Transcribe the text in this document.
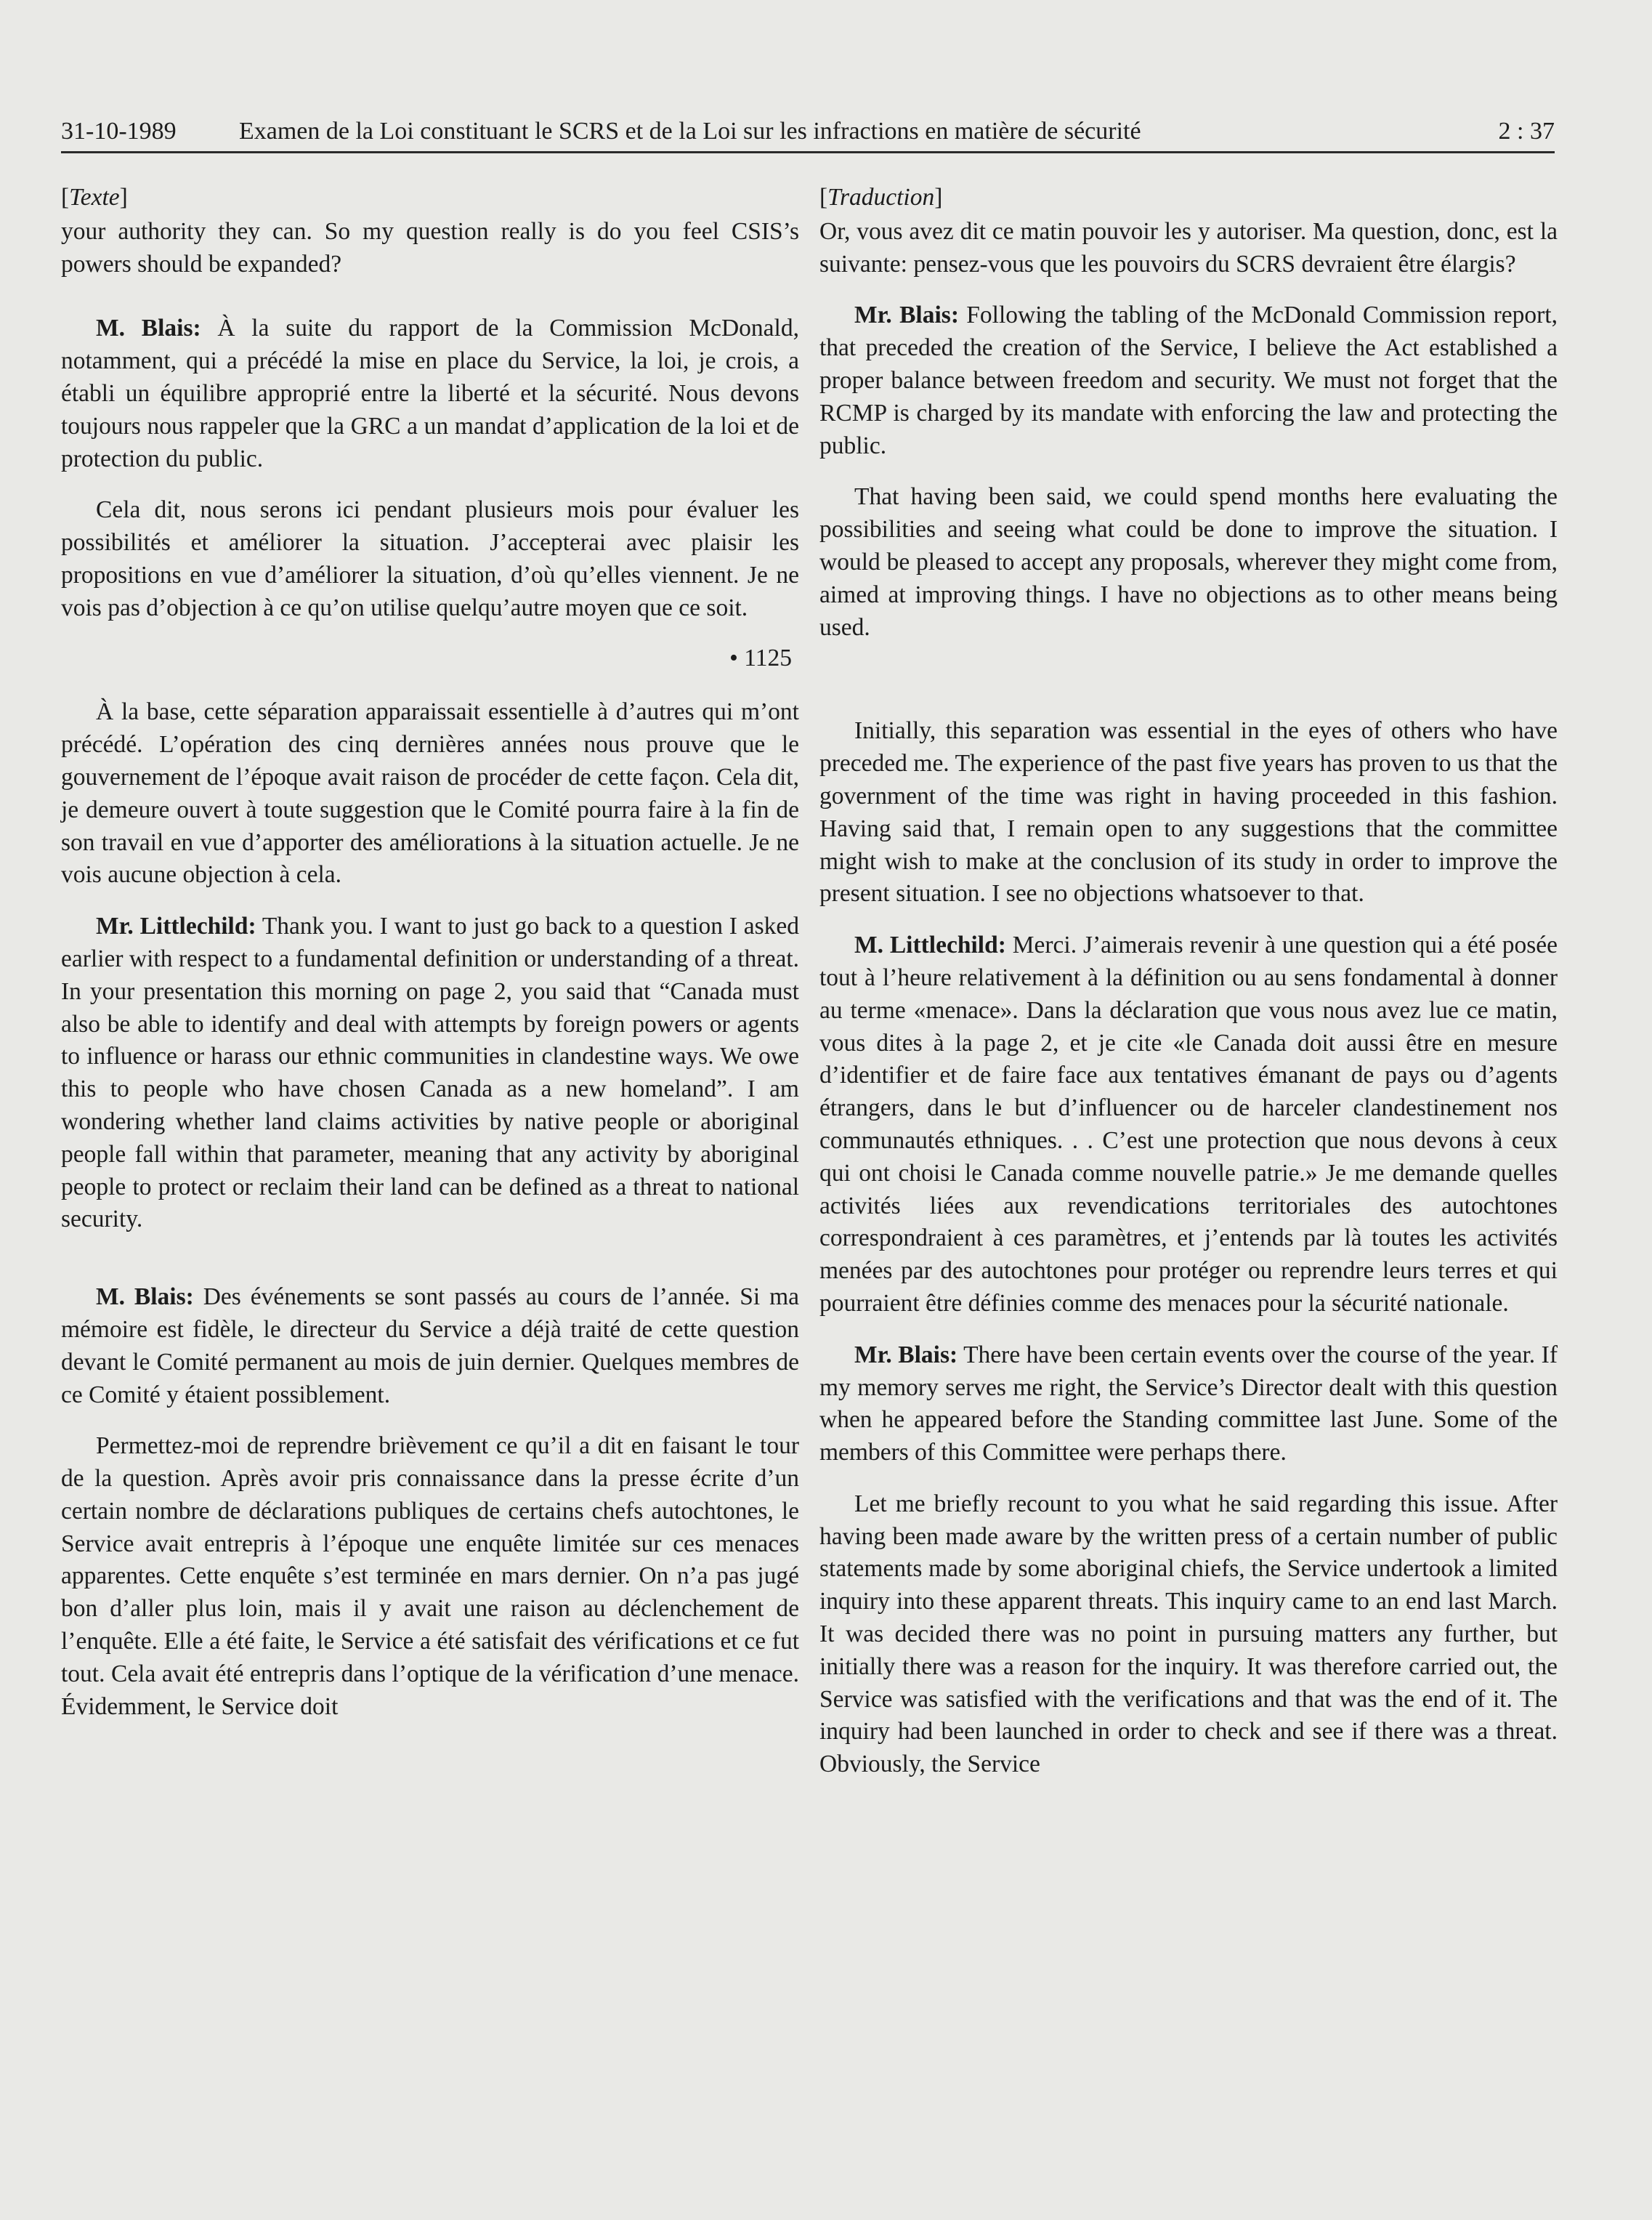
31-10-1989	Examen de la Loi constituant le SCRS et de la Loi sur les infractions en matière de sécurité	2 : 37
[Texte]

your authority they can. So my question really is do you feel CSIS’s powers should be expanded?

M. Blais: À la suite du rapport de la Commission McDonald, notamment, qui a précédé la mise en place du Service, la loi, je crois, a établi un équilibre approprié entre la liberté et la sécurité. Nous devons toujours nous rappeler que la GRC a un mandat d’application de la loi et de protection du public.

Cela dit, nous serons ici pendant plusieurs mois pour évaluer les possibilités et améliorer la situation. J’accepterai avec plaisir les propositions en vue d’améliorer la situation, d’où qu’elles viennent. Je ne vois pas d’objection à ce qu’on utilise quelqu’autre moyen que ce soit.

• 1125

À la base, cette séparation apparaissait essentielle à d’autres qui m’ont précédé. L’opération des cinq dernières années nous prouve que le gouvernement de l’époque avait raison de procéder de cette façon. Cela dit, je demeure ouvert à toute suggestion que le Comité pourra faire à la fin de son travail en vue d’apporter des améliorations à la situation actuelle. Je ne vois aucune objection à cela.

Mr. Littlechild: Thank you. I want to just go back to a question I asked earlier with respect to a fundamental definition or understanding of a threat. In your presentation this morning on page 2, you said that “Canada must also be able to identify and deal with attempts by foreign powers or agents to influence or harass our ethnic communities in clandestine ways. We owe this to people who have chosen Canada as a new homeland”. I am wondering whether land claims activities by native people or aboriginal people fall within that parameter, meaning that any activity by aboriginal people to protect or reclaim their land can be defined as a threat to national security.

M. Blais: Des événements se sont passés au cours de l’année. Si ma mémoire est fidèle, le directeur du Service a déjà traité de cette question devant le Comité permanent au mois de juin dernier. Quelques membres de ce Comité y étaient possiblement.

Permettez-moi de reprendre brièvement ce qu’il a dit en faisant le tour de la question. Après avoir pris connaissance dans la presse écrite d’un certain nombre de déclarations publiques de certains chefs autochtones, le Service avait entrepris à l’époque une enquête limitée sur ces menaces apparentes. Cette enquête s’est terminée en mars dernier. On n’a pas jugé bon d’aller plus loin, mais il y avait une raison au déclenchement de l’enquête. Elle a été faite, le Service a été satisfait des vérifications et ce fut tout. Cela avait été entrepris dans l’optique de la vérification d’une menace. Évidemment, le Service doit

[Traduction]

Or, vous avez dit ce matin pouvoir les y autoriser. Ma question, donc, est la suivante: pensez-vous que les pouvoirs du SCRS devraient être élargis?

Mr. Blais: Following the tabling of the McDonald Commission report, that preceded the creation of the Service, I believe the Act established a proper balance between freedom and security. We must not forget that the RCMP is charged by its mandate with enforcing the law and protecting the public.

That having been said, we could spend months here evaluating the possibilities and seeing what could be done to improve the situation. I would be pleased to accept any proposals, wherever they might come from, aimed at improving things. I have no objections as to other means being used.

Initially, this separation was essential in the eyes of others who have preceded me. The experience of the past five years has proven to us that the government of the time was right in having proceeded in this fashion. Having said that, I remain open to any suggestions that the committee might wish to make at the conclusion of its study in order to improve the present situation. I see no objections whatsoever to that.

M. Littlechild: Merci. J’aimerais revenir à une question qui a été posée tout à l’heure relativement à la définition ou au sens fondamental à donner au terme «menace». Dans la déclaration que vous nous avez lue ce matin, vous dites à la page 2, et je cite «le Canada doit aussi être en mesure d’identifier et de faire face aux tentatives émanant de pays ou d’agents étrangers, dans le but d’influencer ou de harceler clandestinement nos communautés ethniques. . . C’est une protection que nous devons à ceux qui ont choisi le Canada comme nouvelle patrie.» Je me demande quelles activités liées aux revendications territoriales des autochtones correspondraient à ces paramètres, et j’entends par là toutes les activités menées par des autochtones pour protéger ou reprendre leurs terres et qui pourraient être définies comme des menaces pour la sécurité nationale.

Mr. Blais: There have been certain events over the course of the year. If my memory serves me right, the Service’s Director dealt with this question when he appeared before the Standing committee last June. Some of the members of this Committee were perhaps there.

Let me briefly recount to you what he said regarding this issue. After having been made aware by the written press of a certain number of public statements made by some aboriginal chiefs, the Service undertook a limited inquiry into these apparent threats. This inquiry came to an end last March. It was decided there was no point in pursuing matters any further, but initially there was a reason for the inquiry. It was therefore carried out, the Service was satisfied with the verifications and that was the end of it. The inquiry had been launched in order to check and see if there was a threat. Obviously, the Service
